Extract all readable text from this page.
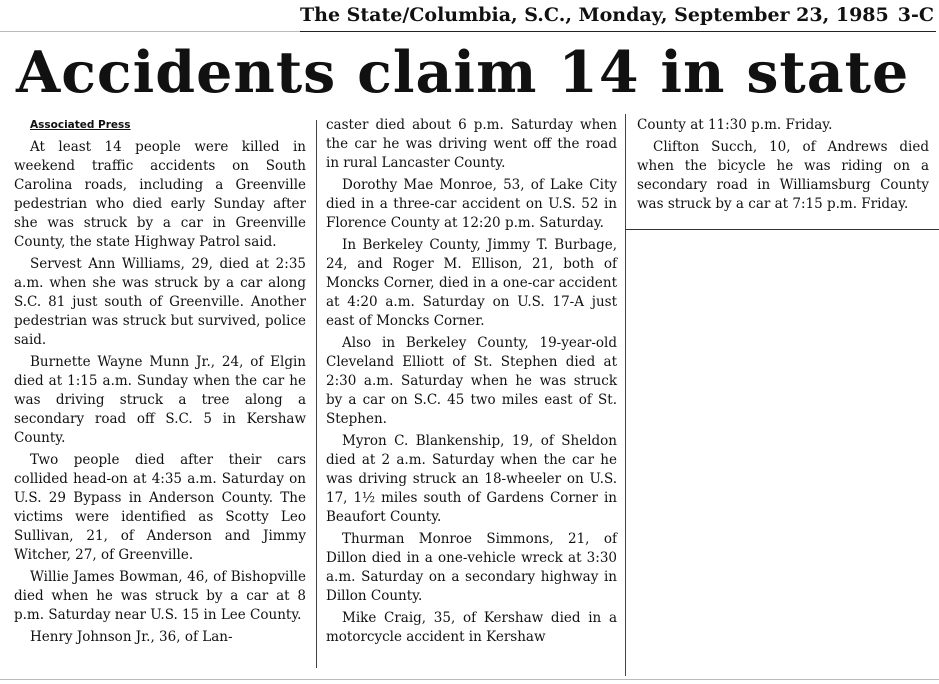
The State/Columbia, S.C., Monday, September 23, 1985 3-C
Accidents claim 14 in state

Associated Press

At least 14 people were killed in weekend traffic accidents on South Carolina roads, including a Greenville pedestrian who died early Sunday after she was struck by a car in Greenville County, the state Highway Patrol said.

Servest Ann Williams, 29, died at 2:35 a.m. when she was struck by a car along S.C. 81 just south of Greenville. Another pedestrian was struck but survived, police said.

Burnette Wayne Munn Jr., 24, of Elgin died at 1:15 a.m. Sunday when the car he was driving struck a tree along a secondary road off S.C. 5 in Kershaw County.

Two people died after their cars collided head-on at 4:35 a.m. Saturday on U.S. 29 Bypass in Anderson County. The victims were identified as Scotty Leo Sullivan, 21, of Anderson and Jimmy Witcher, 27, of Greenville.

Willie James Bowman, 46, of Bishopville died when he was struck by a car at 8 p.m. Saturday near U.S. 15 in Lee County.

Henry Johnson Jr., 36, of Lan-

caster died about 6 p.m. Saturday when the car he was driving went off the road in rural Lancaster County.

Dorothy Mae Monroe, 53, of Lake City died in a three-car accident on U.S. 52 in Florence County at 12:20 p.m. Saturday.

In Berkeley County, Jimmy T. Burbage, 24, and Roger M. Ellison, 21, both of Moncks Corner, died in a one-car accident at 4:20 a.m. Saturday on U.S. 17-A just east of Moncks Corner.

Also in Berkeley County, 19-year-old Cleveland Elliott of St. Stephen died at 2:30 a.m. Saturday when he was struck by a car on S.C. 45 two miles east of St. Stephen.

Myron C. Blankenship, 19, of Sheldon died at 2 a.m. Saturday when the car he was driving struck an 18-wheeler on U.S. 17, 1½ miles south of Gardens Corner in Beaufort County.

Thurman Monroe Simmons, 21, of Dillon died in a one-vehicle wreck at 3:30 a.m. Saturday on a secondary highway in Dillon County.

Mike Craig, 35, of Kershaw died in a motorcycle accident in Kershaw

County at 11:30 p.m. Friday.

Clifton Succh, 10, of Andrews died when the bicycle he was riding on a secondary road in Williamsburg County was struck by a car at 7:15 p.m. Friday.
